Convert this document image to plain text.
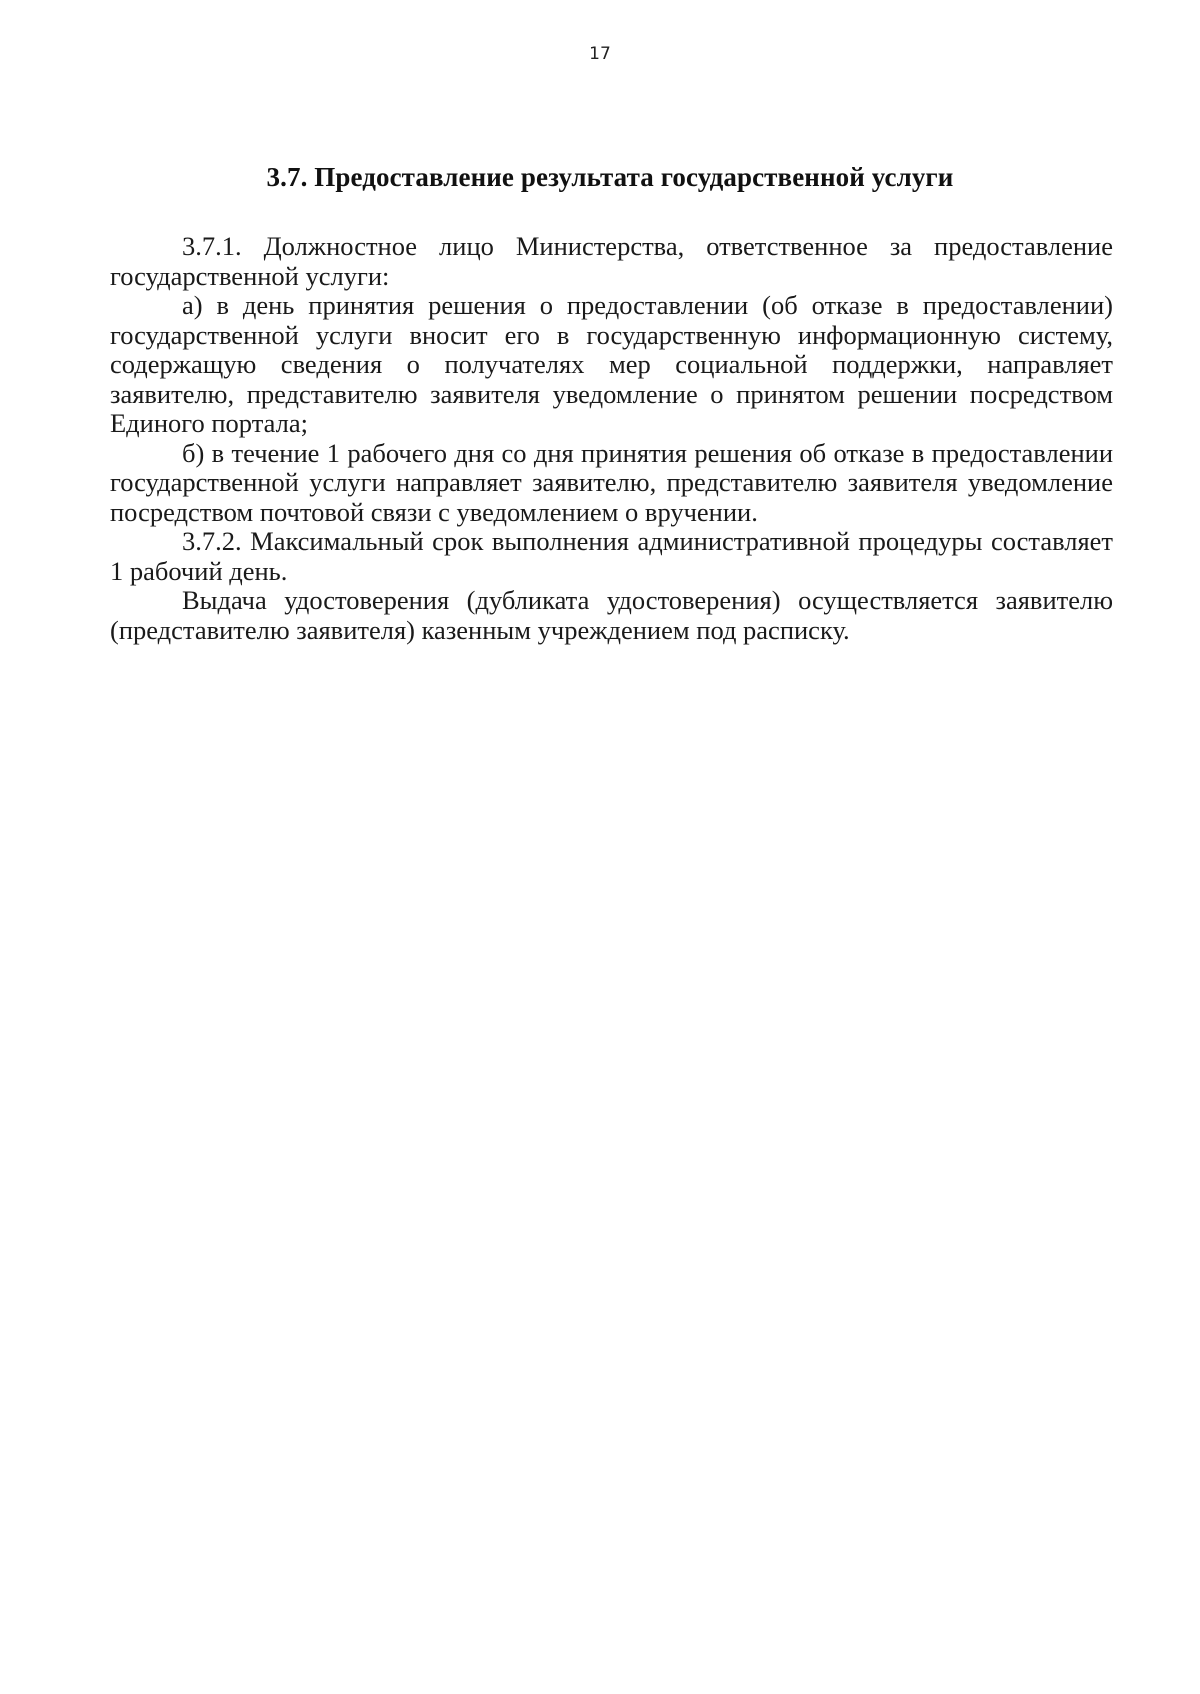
17
3.7. Предоставление результата государственной услуги

3.7.1. Должностное лицо Министерства, ответственное за предоставление государственной услуги:

а) в день принятия решения о предоставлении (об отказе в предоставлении) государственной услуги вносит его в государственную информационную систему, содержащую сведения о получателях мер социальной поддержки, направляет заявителю, представителю заявителя уведомление о принятом решении посредством Единого портала;

б) в течение 1 рабочего дня со дня принятия решения об отказе в предоставлении государственной услуги направляет заявителю, представителю заявителя уведомление посредством почтовой связи с уведомлением о вручении.

3.7.2. Максимальный срок выполнения административной процедуры составляет 1 рабочий день.

Выдача удостоверения (дубликата удостоверения) осуществляется заявителю (представителю заявителя) казенным учреждением под расписку.
